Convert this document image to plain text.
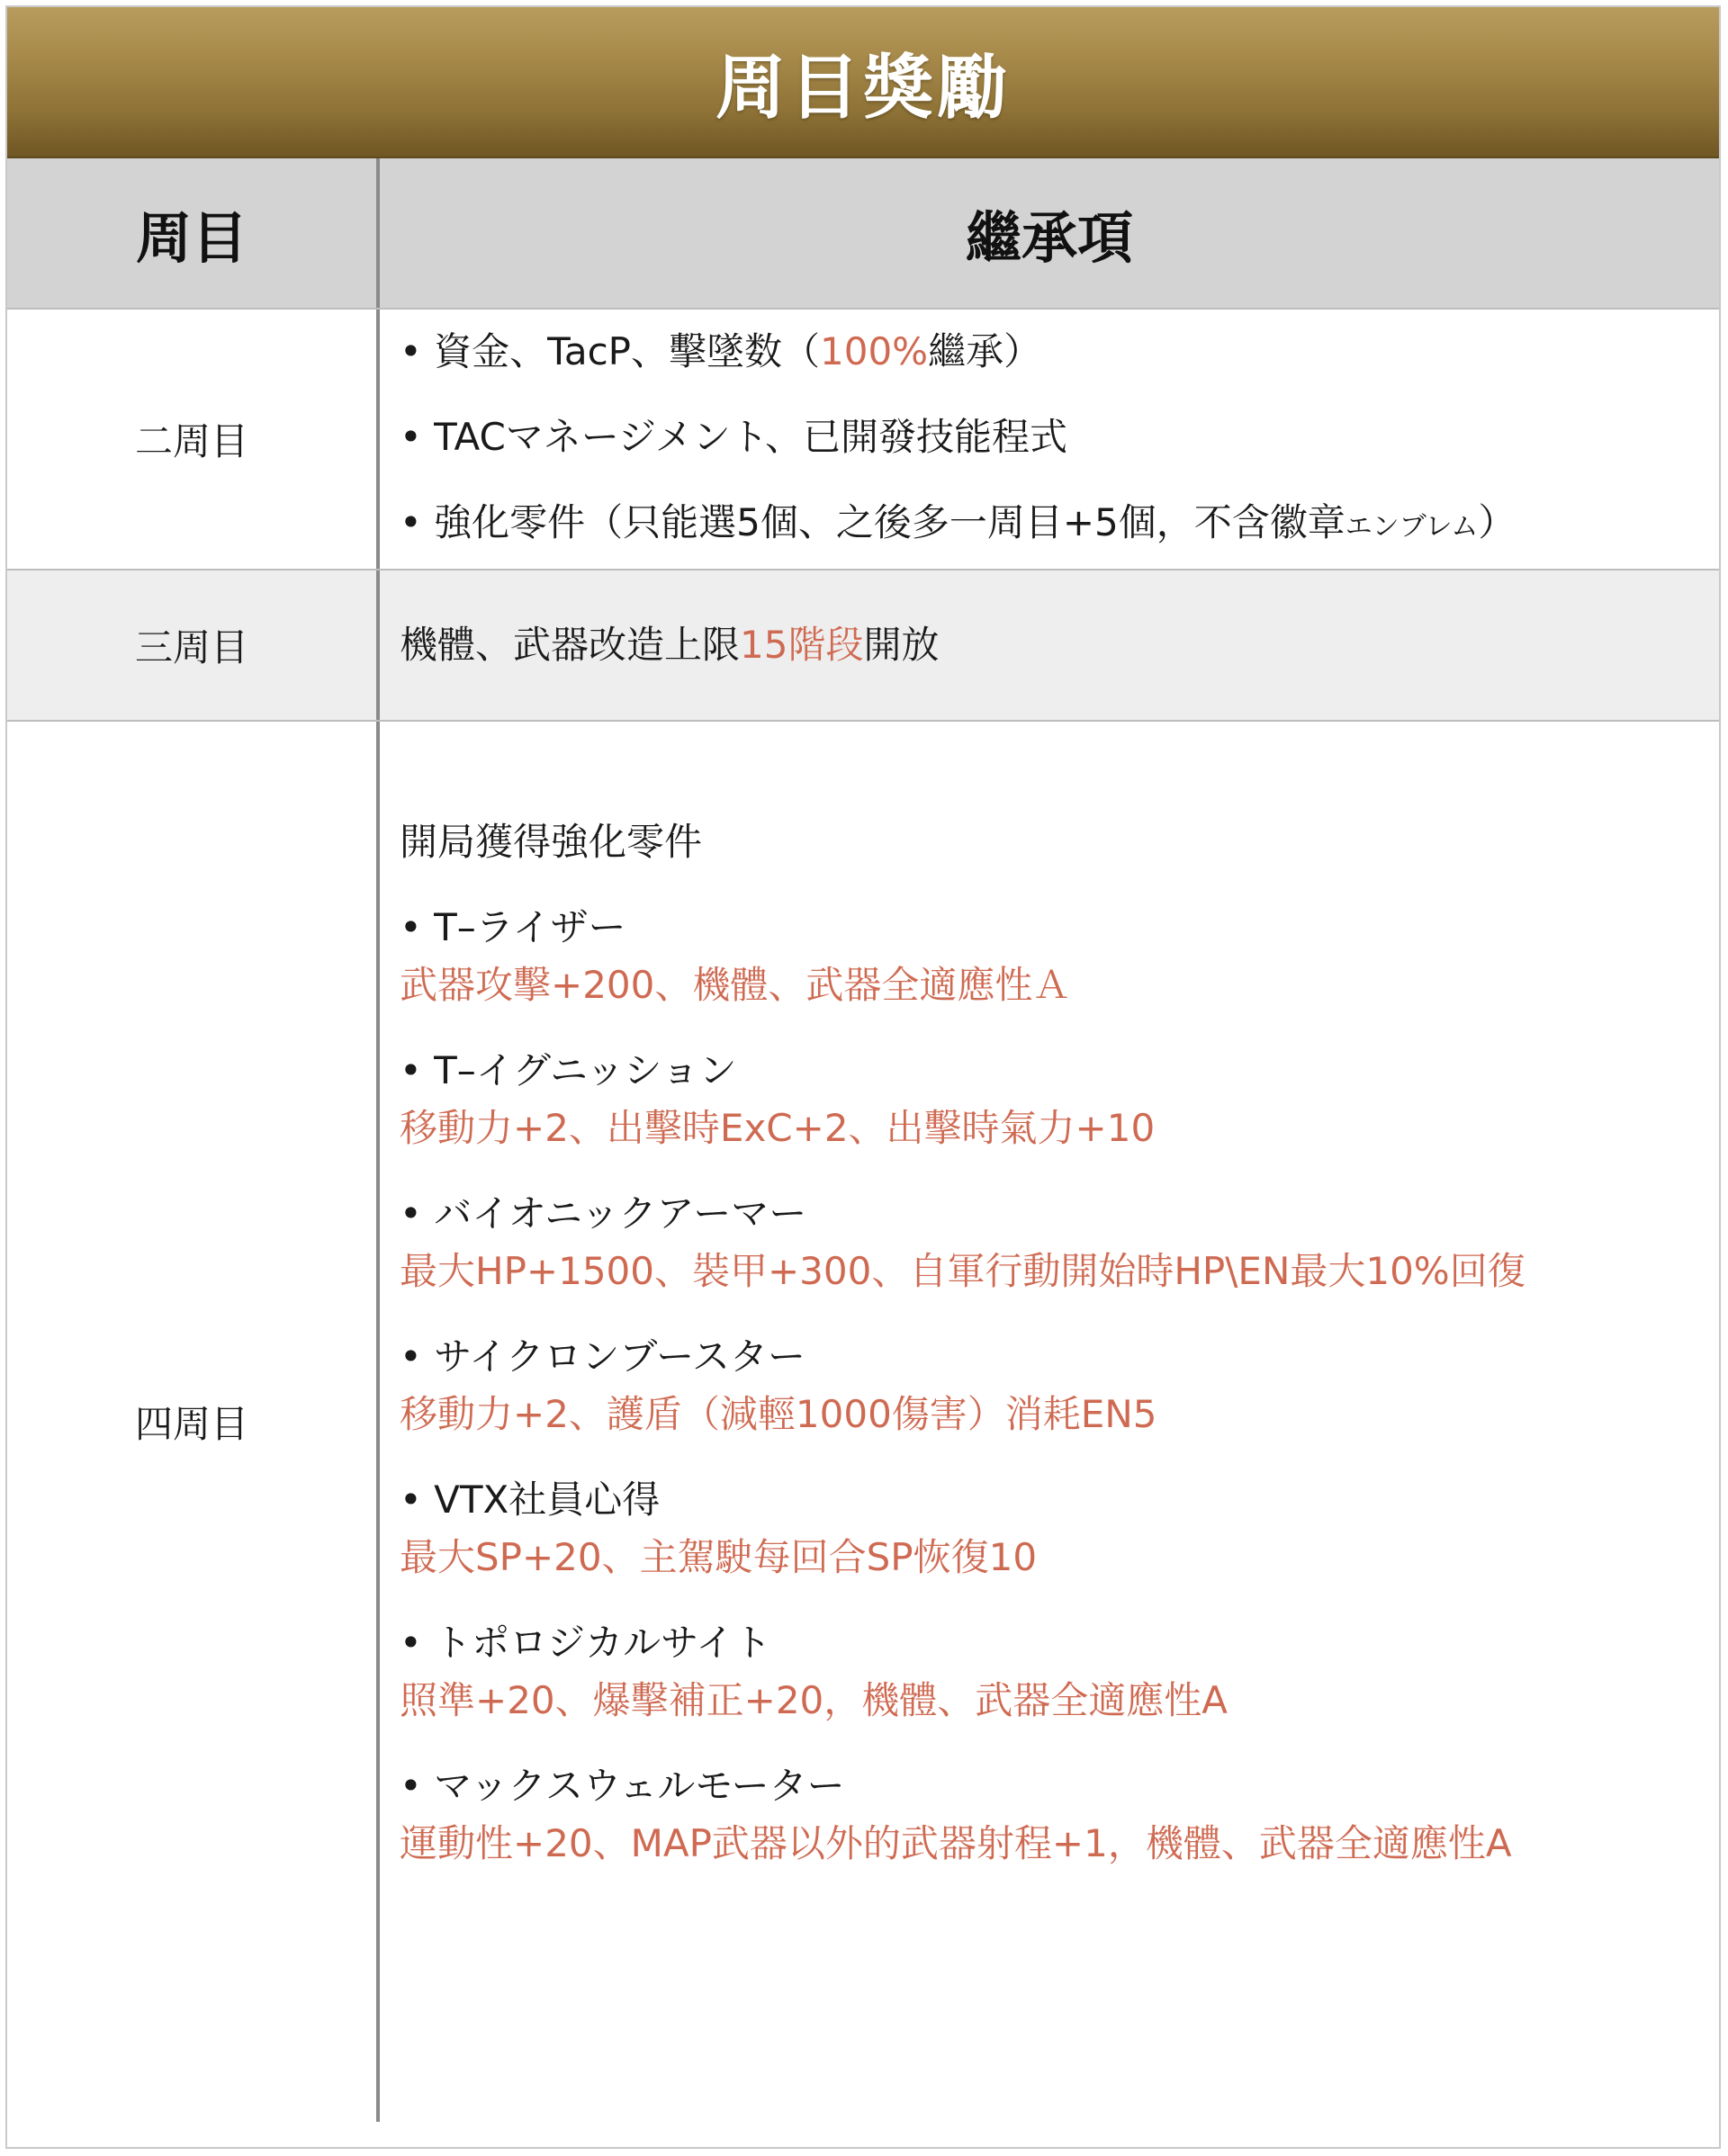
周目獎勵
周目	繼承項
二周目
• 資金、TacP、擊墜数（100%繼承）
• TACマネージメント、已開發技能程式
• 強化零件（只能選5個、之後多一周目+5個，不含徽章エンブレム）
三周目	機體、武器改造上限15階段開放
四周目
開局獲得強化零件
• T–ライザー
武器攻擊+200、機體、武器全適應性Ａ
• T–イグニッション
移動力+2、出擊時ExC+2、出擊時氣力+10
• バイオニックアーマー
最大HP+1500、裝甲+300、自軍行動開始時HP\EN最大10%回復
• サイクロンブースター
移動力+2、護盾（減輕1000傷害）消耗EN5
• VTX社員心得
最大SP+20、主駕駛每回合SP恢復10
• トポロジカルサイト
照準+20、爆擊補正+20，機體、武器全適應性A
• マックスウェルモーター
運動性+20、MAP武器以外的武器射程+1，機體、武器全適應性A
